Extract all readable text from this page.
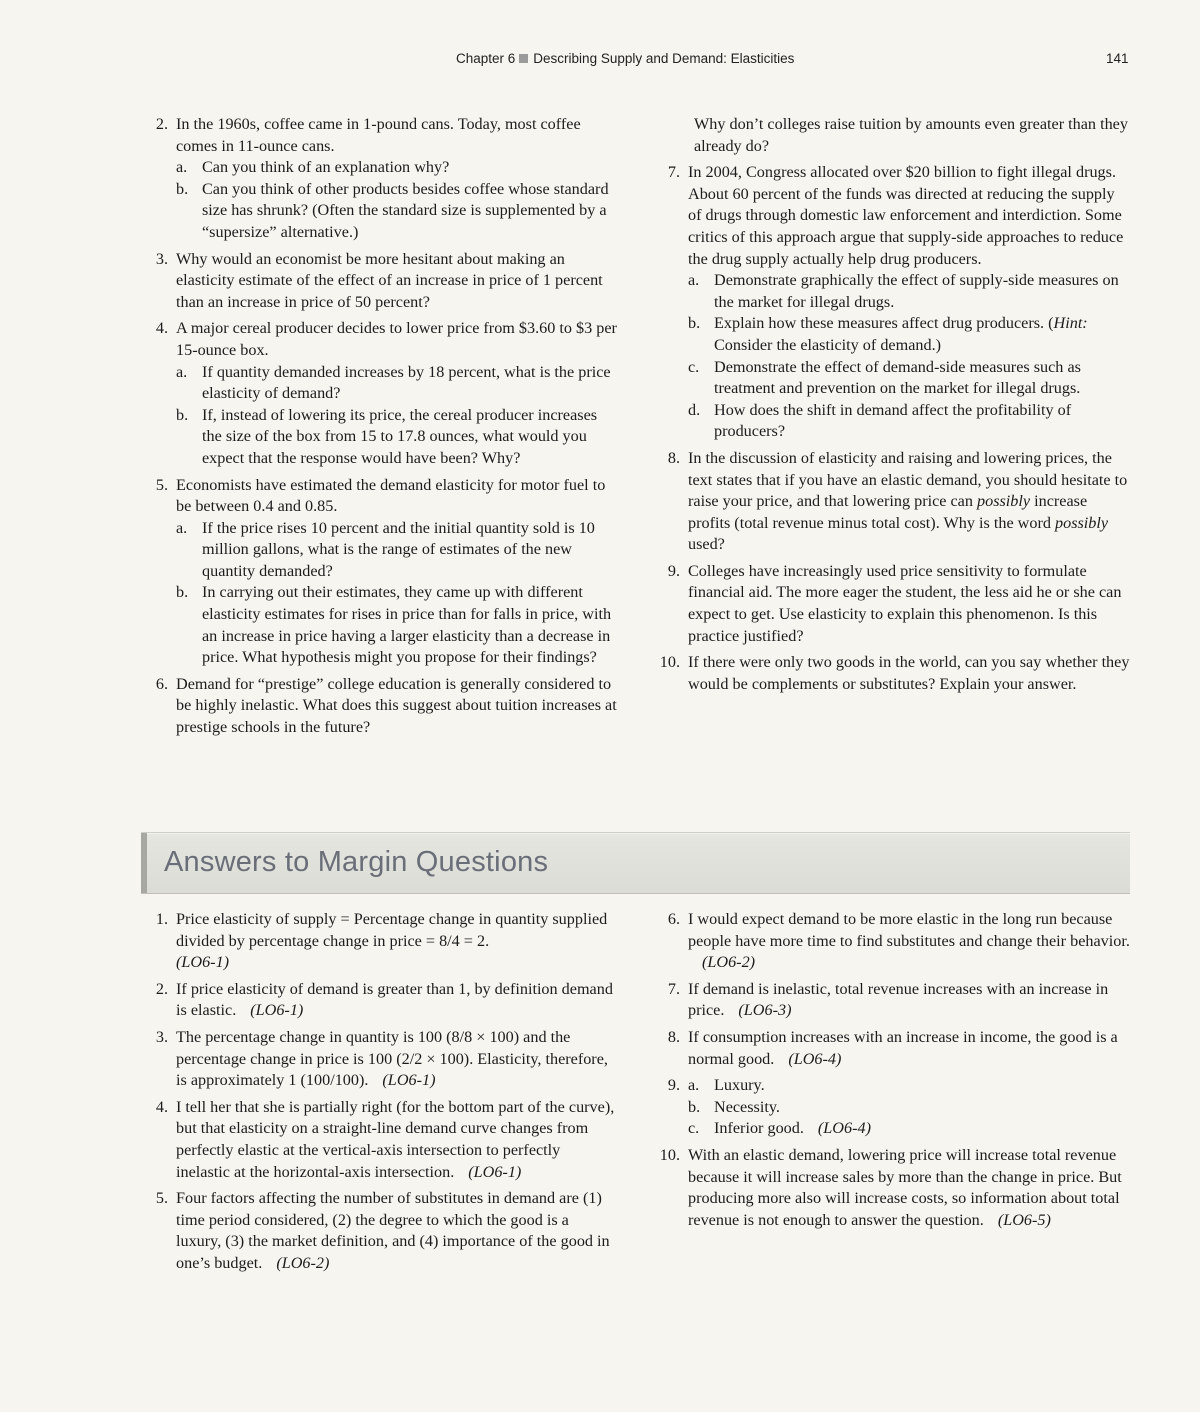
Chapter 6 Describing Supply and Demand: Elasticities	141
2. In the 1960s, coffee came in 1-pound cans. Today, most coffee comes in 11-ounce cans.
a. Can you think of an explanation why?
b. Can you think of other products besides coffee whose standard size has shrunk? (Often the standard size is supplemented by a “supersize” alternative.)
3. Why would an economist be more hesitant about making an elasticity estimate of the effect of an increase in price of 1 percent than an increase in price of 50 percent?
4. A major cereal producer decides to lower price from $3.60 to $3 per 15-ounce box.
a. If quantity demanded increases by 18 percent, what is the price elasticity of demand?
b. If, instead of lowering its price, the cereal producer increases the size of the box from 15 to 17.8 ounces, what would you expect that the response would have been? Why?
5. Economists have estimated the demand elasticity for motor fuel to be between 0.4 and 0.85.
a. If the price rises 10 percent and the initial quantity sold is 10 million gallons, what is the range of estimates of the new quantity demanded?
b. In carrying out their estimates, they came up with different elasticity estimates for rises in price than for falls in price, with an increase in price having a larger elasticity than a decrease in price. What hypothesis might you propose for their findings?
6. Demand for “prestige” college education is generally considered to be highly inelastic. What does this suggest about tuition increases at prestige schools in the future?
Why don’t colleges raise tuition by amounts even greater than they already do?
7. In 2004, Congress allocated over $20 billion to fight illegal drugs. About 60 percent of the funds was directed at reducing the supply of drugs through domestic law enforcement and interdiction. Some critics of this approach argue that supply-side approaches to reduce the drug supply actually help drug producers.
a. Demonstrate graphically the effect of supply-side measures on the market for illegal drugs.
b. Explain how these measures affect drug producers. (Hint: Consider the elasticity of demand.)
c. Demonstrate the effect of demand-side measures such as treatment and prevention on the market for illegal drugs.
d. How does the shift in demand affect the profitability of producers?
8. In the discussion of elasticity and raising and lowering prices, the text states that if you have an elastic demand, you should hesitate to raise your price, and that lowering price can possibly increase profits (total revenue minus total cost). Why is the word possibly used?
9. Colleges have increasingly used price sensitivity to formulate financial aid. The more eager the student, the less aid he or she can expect to get. Use elasticity to explain this phenomenon. Is this practice justified?
10. If there were only two goods in the world, can you say whether they would be complements or substitutes? Explain your answer.
Answers to Margin Questions
1. Price elasticity of supply = Percentage change in quantity supplied divided by percentage change in price = 8/4 = 2.
(LO6-1)
2. If price elasticity of demand is greater than 1, by definition demand is elastic. (LO6-1)
3. The percentage change in quantity is 100 (8/8 × 100) and the percentage change in price is 100 (2/2 × 100). Elasticity, therefore, is approximately 1 (100/100). (LO6-1)
4. I tell her that she is partially right (for the bottom part of the curve), but that elasticity on a straight-line demand curve changes from perfectly elastic at the vertical-axis intersection to perfectly inelastic at the horizontal-axis intersection. (LO6-1)
5. Four factors affecting the number of substitutes in demand are (1) time period considered, (2) the degree to which the good is a luxury, (3) the market definition, and (4) importance of the good in one’s budget. (LO6-2)
6. I would expect demand to be more elastic in the long run because people have more time to find substitutes and change their behavior.(LO6-2)
7. If demand is inelastic, total revenue increases with an increase in price. (LO6-3)
8. If consumption increases with an increase in income, the good is a normal good. (LO6-4)
9. a. Luxury.
b. Necessity.
c. Inferior good. (LO6-4)
10. With an elastic demand, lowering price will increase total revenue because it will increase sales by more than the change in price. But producing more also will increase costs, so information about total revenue is not enough to answer the question. (LO6-5)
